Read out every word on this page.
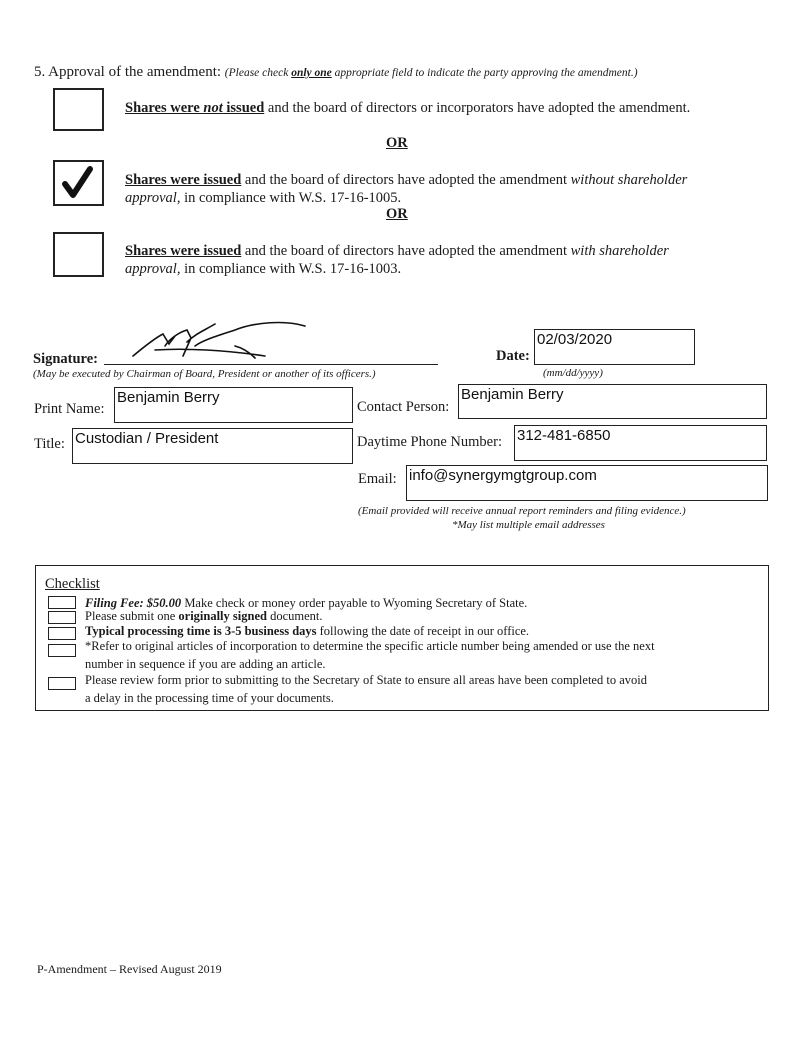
5. Approval of the amendment: (Please check only one appropriate field to indicate the party approving the amendment.)
Shares were not issued and the board of directors or incorporators have adopted the amendment.
OR
Shares were issued and the board of directors have adopted the amendment without shareholder
approval, in compliance with W.S. 17-16-1005.
OR
Shares were issued and the board of directors have adopted the amendment with shareholder
approval, in compliance with W.S. 17-16-1003.
Signature:
(May be executed by Chairman of Board, President or another of its officers.)
Date:
02/03/2020
(mm/dd/yyyy)
Print Name:
Benjamin Berry
Contact Person:
Benjamin Berry
Title: Custodian / President	Daytime Phone Number: 312-481-6850
Email: info@synergymgtgroup.com
(Email provided will receive annual report reminders and filing evidence.)
*May list multiple email addresses
Checklist
Filing Fee: $50.00 Make check or money order payable to Wyoming Secretary of State.
Please submit one originally signed document.
Typical processing time is 3-5 business days following the date of receipt in our office.
*Refer to original articles of incorporation to determine the specific article number being amended or use the next
number in sequence if you are adding an article.
Please review form prior to submitting to the Secretary of State to ensure all areas have been completed to avoid
a delay in the processing time of your documents.
P-Amendment – Revised August 2019
